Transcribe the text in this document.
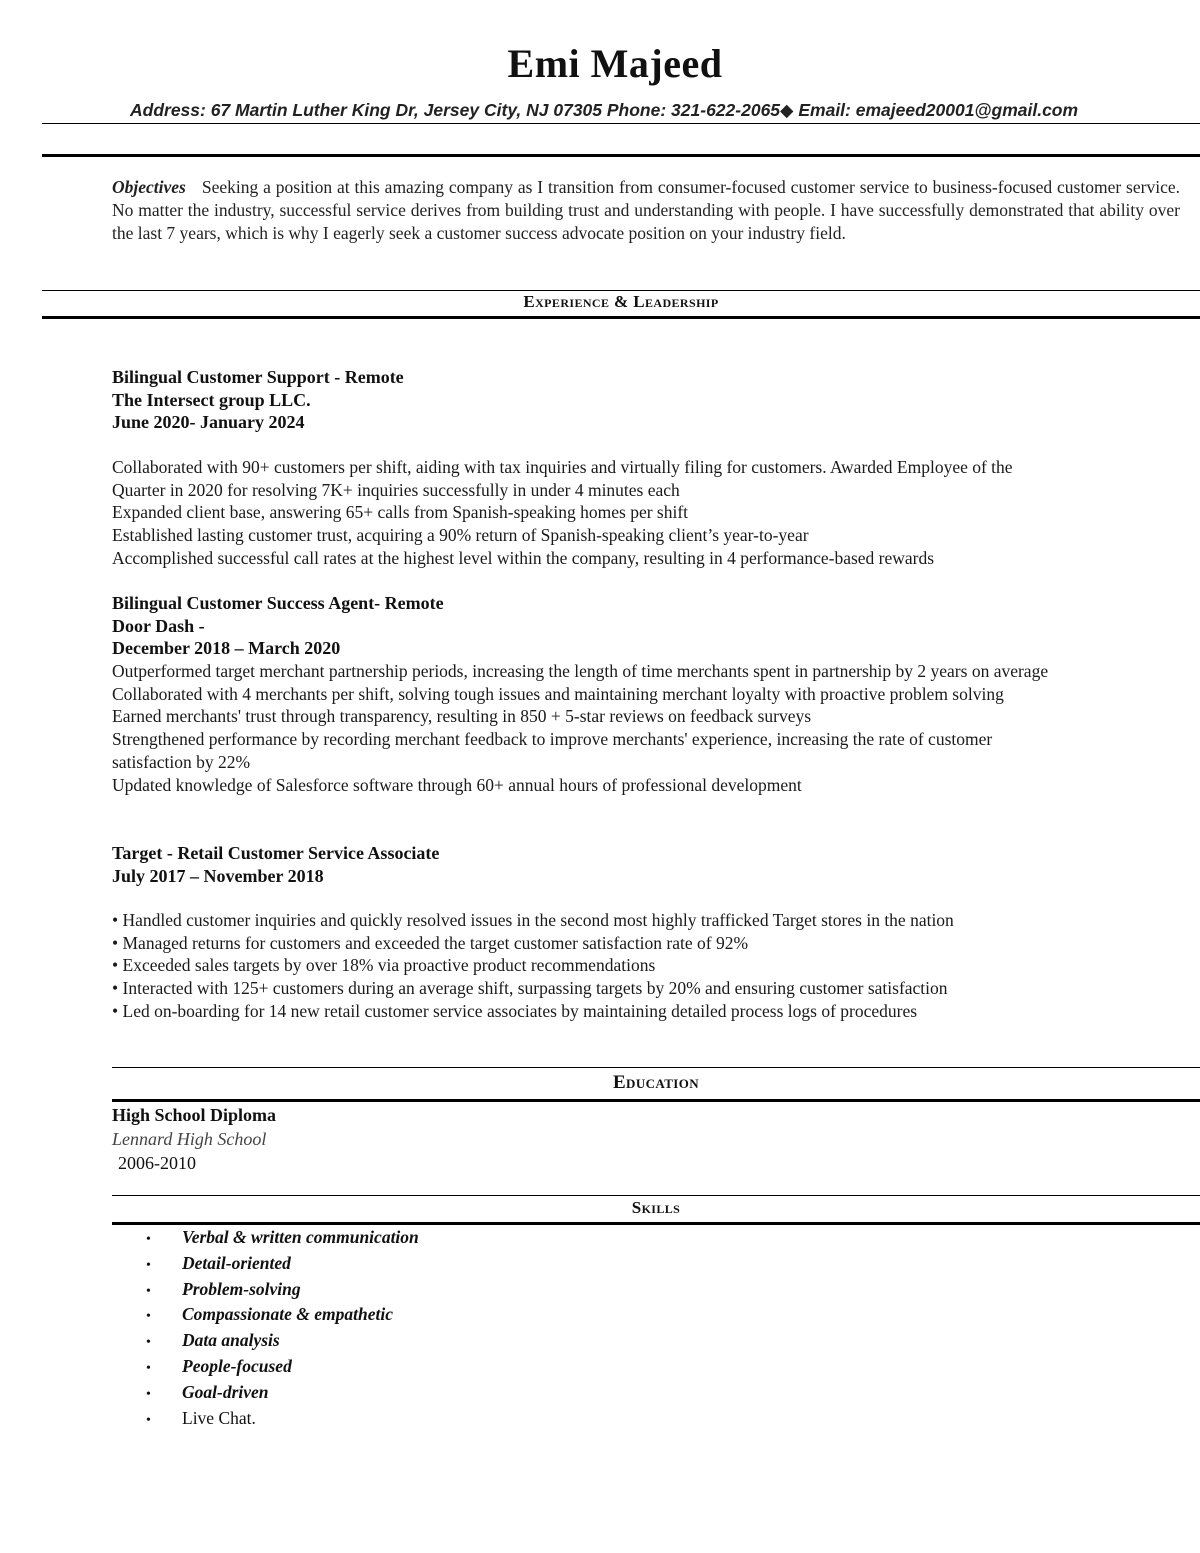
Emi Majeed
Address: 67 Martin Luther King Dr, Jersey City, NJ 07305 Phone: 321-622-2065◆ Email: emajeed20001@gmail.com
Objectives Seeking a position at this amazing company as I transition from consumer-focused customer service to business-focused customer service. No matter the industry, successful service derives from building trust and understanding with people. I have successfully demonstrated that ability over the last 7 years, which is why I eagerly seek a customer success advocate position on your industry field.
Experience & Leadership
Bilingual Customer Support - Remote
The Intersect group LLC.
June 2020- January 2024
Collaborated with 90+ customers per shift, aiding with tax inquiries and virtually filing for customers. Awarded Employee of the
Quarter in 2020 for resolving 7K+ inquiries successfully in under 4 minutes each
Expanded client base, answering 65+ calls from Spanish-speaking homes per shift
Established lasting customer trust, acquiring a 90% return of Spanish-speaking client’s year-to-year
Accomplished successful call rates at the highest level within the company, resulting in 4 performance-based rewards
Bilingual Customer Success Agent- Remote
Door Dash -
December 2018 – March 2020
Outperformed target merchant partnership periods, increasing the length of time merchants spent in partnership by 2 years on average
Collaborated with 4 merchants per shift, solving tough issues and maintaining merchant loyalty with proactive problem solving
Earned merchants' trust through transparency, resulting in 850 + 5-star reviews on feedback surveys
Strengthened performance by recording merchant feedback to improve merchants' experience, increasing the rate of customer
satisfaction by 22%
Updated knowledge of Salesforce software through 60+ annual hours of professional development
Target - Retail Customer Service Associate
July 2017 – November 2018
• Handled customer inquiries and quickly resolved issues in the second most highly trafficked Target stores in the nation
• Managed returns for customers and exceeded the target customer satisfaction rate of 92%
• Exceeded sales targets by over 18% via proactive product recommendations
• Interacted with 125+ customers during an average shift, surpassing targets by 20% and ensuring customer satisfaction
• Led on-boarding for 14 new retail customer service associates by maintaining detailed process logs of procedures
Education
High School Diploma
Lennard High School
2006-2010
Skills
•	Verbal & written communication
•	Detail-oriented
•	Problem-solving
•	Compassionate & empathetic
•	Data analysis
•	People-focused
•	Goal-driven
•	Live Chat.
